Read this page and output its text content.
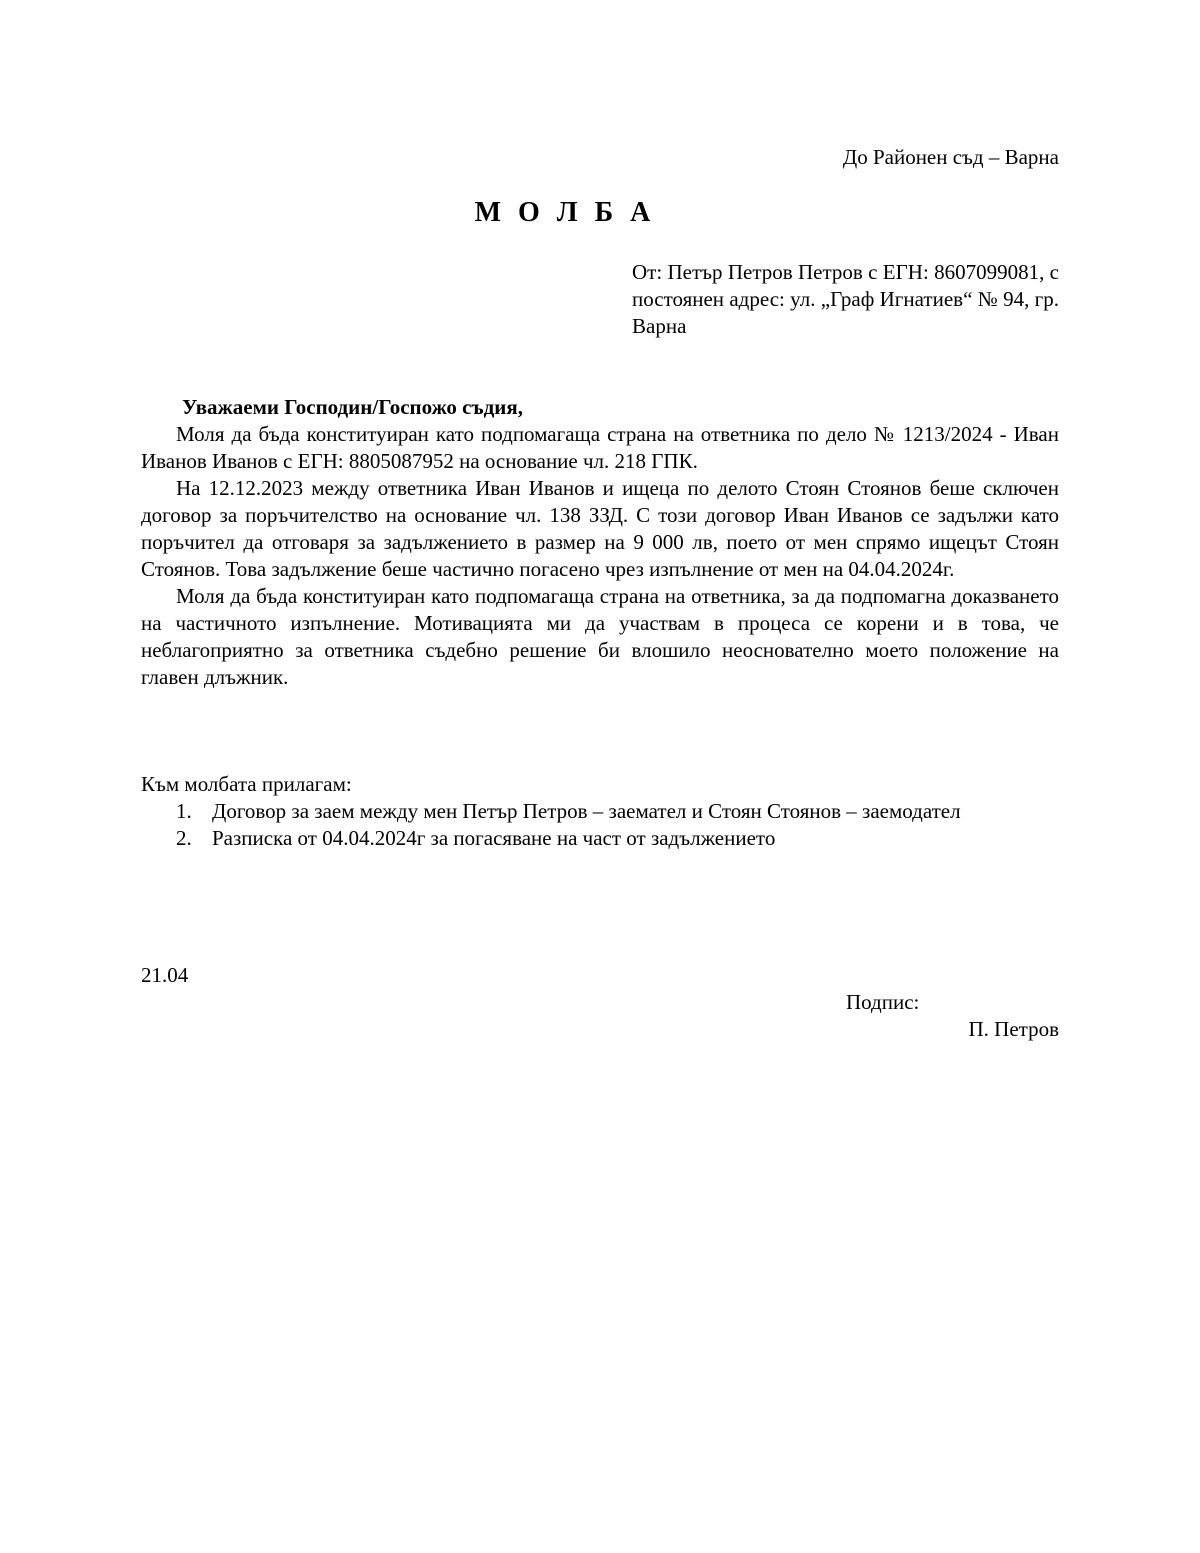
До Районен съд – Варна
М О Л Б А

От: Петър Петров Петров с ЕГН: 8607099081, с постоянен адрес: ул. „Граф Игнатиев“ № 94, гр. Варна

Уважаеми Господин/Госпожо съдия,

Моля да бъда конституиран като подпомагаща страна на ответника по дело № 1213/2024 - Иван Иванов Иванов с ЕГН: 8805087952 на основание чл. 218 ГПК.

На 12.12.2023 между ответника Иван Иванов и ищеца по делото Стоян Стоянов беше сключен договор за поръчителство на основание чл. 138 ЗЗД. С този договор Иван Иванов се задължи като поръчител да отговаря за задължението в размер на 9 000 лв, поето от мен спрямо ищецът Стоян Стоянов. Това задължение беше частично погасено чрез изпълнение от мен на 04.04.2024г.

Моля да бъда конституиран като подпомагаща страна на ответника, за да подпомагна доказването на частичното изпълнение. Мотивацията ми да участвам в процеса се корени и в това, че неблагоприятно за ответника съдебно решение би влошило неоснователно моето положение на главен длъжник.

Към молбата прилагам:
1. Договор за заем между мен Петър Петров – заемател и Стоян Стоянов – заемодател
2. Разписка от 04.04.2024г за погасяване на част от задължението
21.04
Подпис:
П. Петров
